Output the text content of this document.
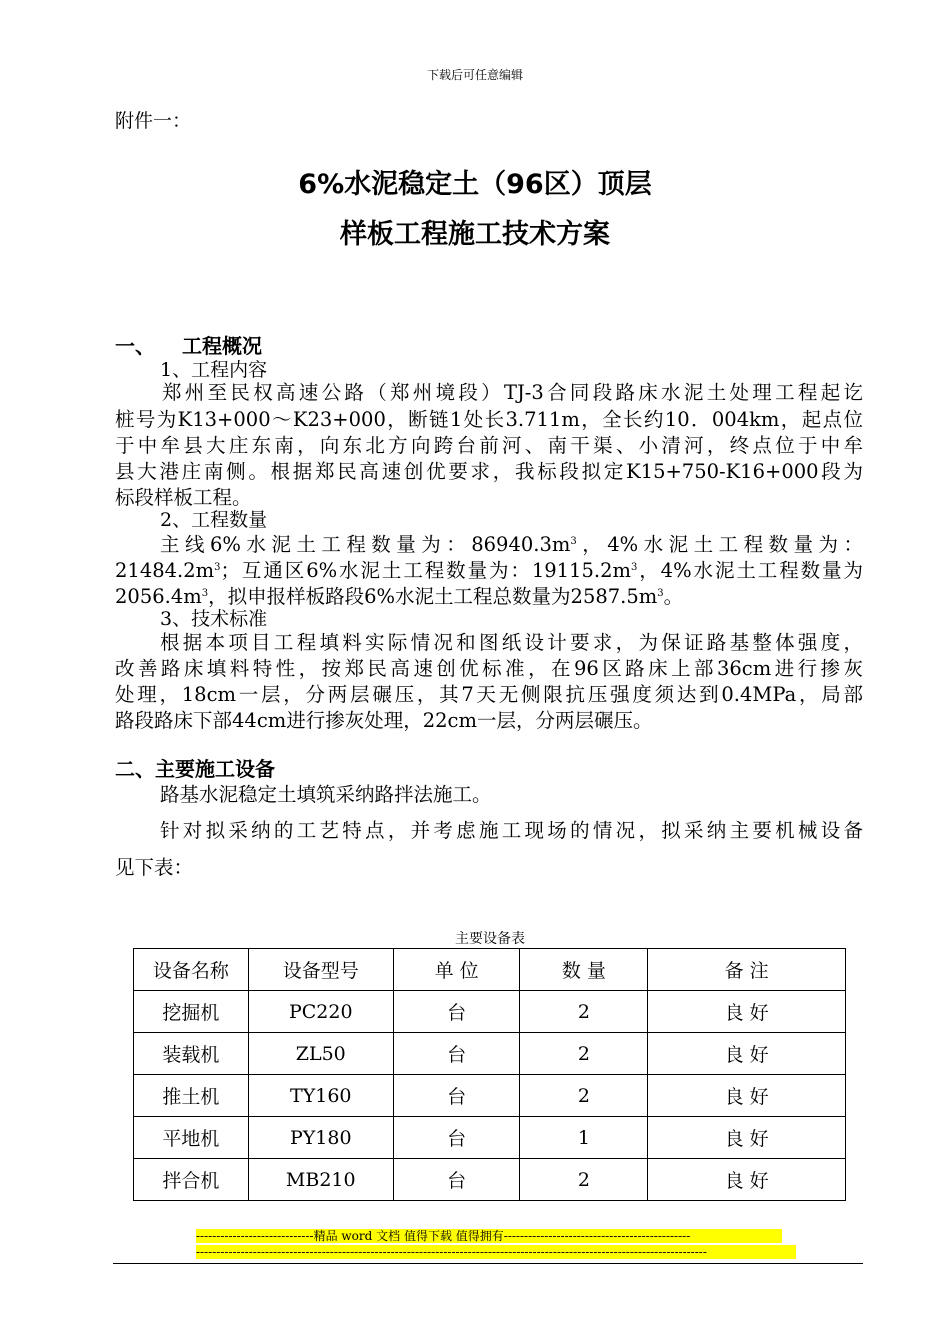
下载后可任意编辑
附件一：
6%水泥稳定土（96区）顶层
样板工程施工技术方案
一、 工程概况
1、工程内容
郑州至民权高速公路（郑州境段）TJ-3合同段路床水泥土处理工程起讫
桩号为K13+000～K23+000，断链1处长3.711m，全长约10．004km，起点位
于中牟县大庄东南，向东北方向跨台前河、南干渠、小清河，终点位于中牟
县大港庄南侧。根据郑民高速创优要求，我标段拟定K15+750-K16+000段为
标段样板工程。
2、工程数量
主线6%水泥土工程数量为：$86940.3m^3$，4%水泥土工程数量为：
$21484.2m^3$；互通区6%水泥土工程数量为：$19115.2m^3$，4%水泥土工程数量为
$2056.4m^3$，拟申报样板路段6%水泥土工程总数量为$2587.5m^3$。
3、技术标准
根据本项目工程填料实际情况和图纸设计要求，为保证路基整体强度，
改善路床填料特性，按郑民高速创优标准，在96区路床上部36cm进行掺灰
处理，18cm一层，分两层碾压，其7天无侧限抗压强度须达到0.4MPa，局部
路段路床下部44cm进行掺灰处理，22cm一层，分两层碾压。
二、主要施工设备
路基水泥稳定土填筑采纳路拌法施工。
针对拟采纳的工艺特点，并考虑施工现场的情况，拟采纳主要机械设备
见下表：
主要设备表
设备名称	设备型号	单 位	数 量	备 注
挖掘机	PC220	台	2	良 好
装载机	ZL50	台	2	良 好
推土机	TY160	台	2	良 好
平地机	PY180	台	1	良 好
拌合机	MB210	台	2	良 好
-----------------------------精品 word 文档 值得下载 值得拥有----------------------------------------------
------------------------------------------------------------------------------------------------------------------------------
